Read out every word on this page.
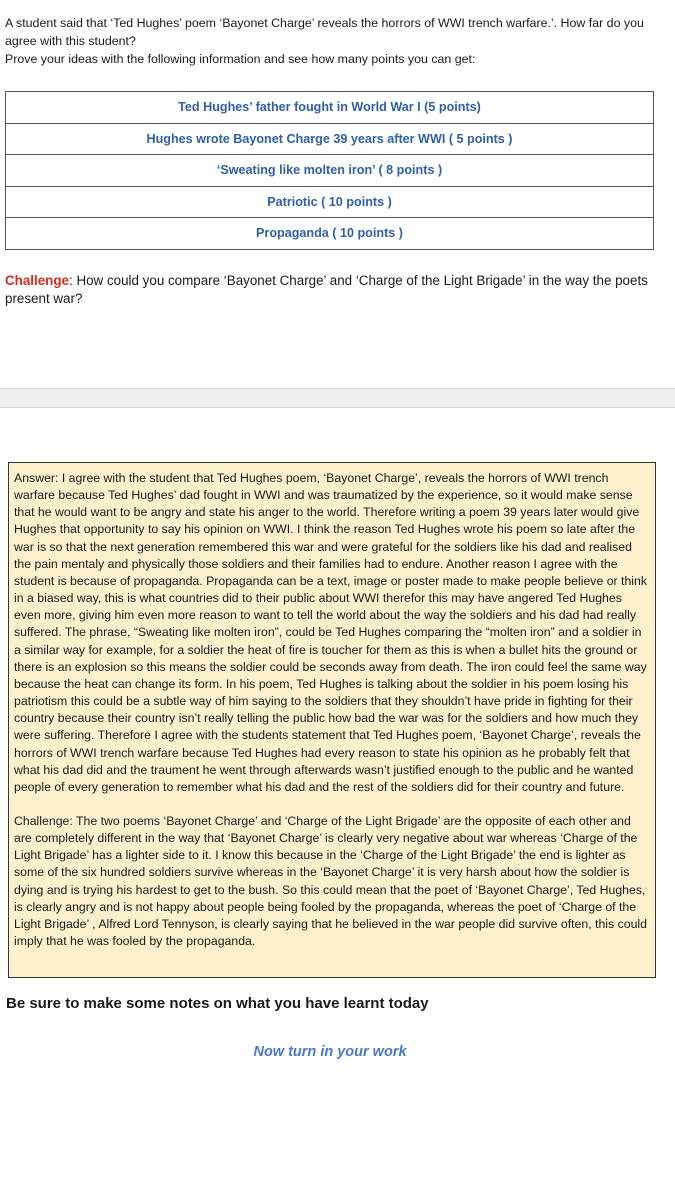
A student said that ‘Ted Hughes’ poem ‘Bayonet Charge’ reveals the horrors of WWI trench warfare.’. How far do you agree with this student?
Prove your ideas with the following information and see how many points you can get:
Ted Hughes’ father fought in World War I (5 points)
Hughes wrote Bayonet Charge 39 years after WWI ( 5 points )
‘Sweating like molten iron’ ( 8 points )
Patriotic ( 10 points )
Propaganda ( 10 points )
Challenge: How could you compare ‘Bayonet Charge’ and ‘Charge of the Light Brigade’ in the way the poets present war?

Answer: I agree with the student that Ted Hughes poem, ‘Bayonet Charge’, reveals the horrors of WWI trench warfare because Ted Hughes’ dad fought in WWI and was traumatized by the experience, so it would make sense that he would want to be angry and state his anger to the world. Therefore writing a poem 39 years later would give Hughes that opportunity to say his opinion on WWI. I think the reason Ted Hughes wrote his poem so late after the war is so that the next generation remembered this war and were grateful for the soldiers like his dad and realised the pain mentaly and physically those soldiers and their families had to endure. Another reason I agree with the student is because of propaganda. Propaganda can be a text, image or poster made to make people believe or think in a biased way, this is what countries did to their public about WWI therefor this may have angered Ted Hughes even more, giving him even more reason to want to tell the world about the way the soldiers and his dad had really suffered. The phrase, “Sweating like molten iron”, could be Ted Hughes comparing the “molten iron” and a soldier in a similar way for example, for a soldier the heat of fire is toucher for them as this is when a bullet hits the ground or there is an explosion so this means the soldier could be seconds away from death. The iron could feel the same way because the heat can change its form. In his poem, Ted Hughes is talking about the soldier in his poem losing his patriotism this could be a subtle way of him saying to the soldiers that they shouldn’t have pride in fighting for their country because their country isn’t really telling the public how bad the war was for the soldiers and how much they were suffering. Therefore I agree with the students statement that Ted Hughes poem, ‘Bayonet Charge’, reveals the horrors of WWI trench warfare because Ted Hughes had every reason to state his opinion as he probably felt that what his dad did and the traument he went through afterwards wasn’t justified enough to the public and he wanted people of every generation to remember what his dad and the rest of the soldiers did for their country and future.

Challenge: The two poems ‘Bayonet Charge’ and ‘Charge of the Light Brigade’ are the opposite of each other and are completely different in the way that ‘Bayonet Charge’ is clearly very negative about war whereas ‘Charge of the Light Brigade’ has a lighter side to it. I know this because in the ‘Charge of the Light Brigade’ the end is lighter as some of the six hundred soldiers survive whereas in the ‘Bayonet Charge’ it is very harsh about how the soldier is dying and is trying his hardest to get to the bush. So this could mean that the poet of ‘Bayonet Charge’, Ted Hughes, is clearly angry and is not happy about people being fooled by the propaganda, whereas the poet of ‘Charge of the Light Brigade’ , Alfred Lord Tennyson, is clearly saying that he believed in the war people did survive often, this could imply that he was fooled by the propaganda.

Be sure to make some notes on what you have learnt today
Now turn in your work
